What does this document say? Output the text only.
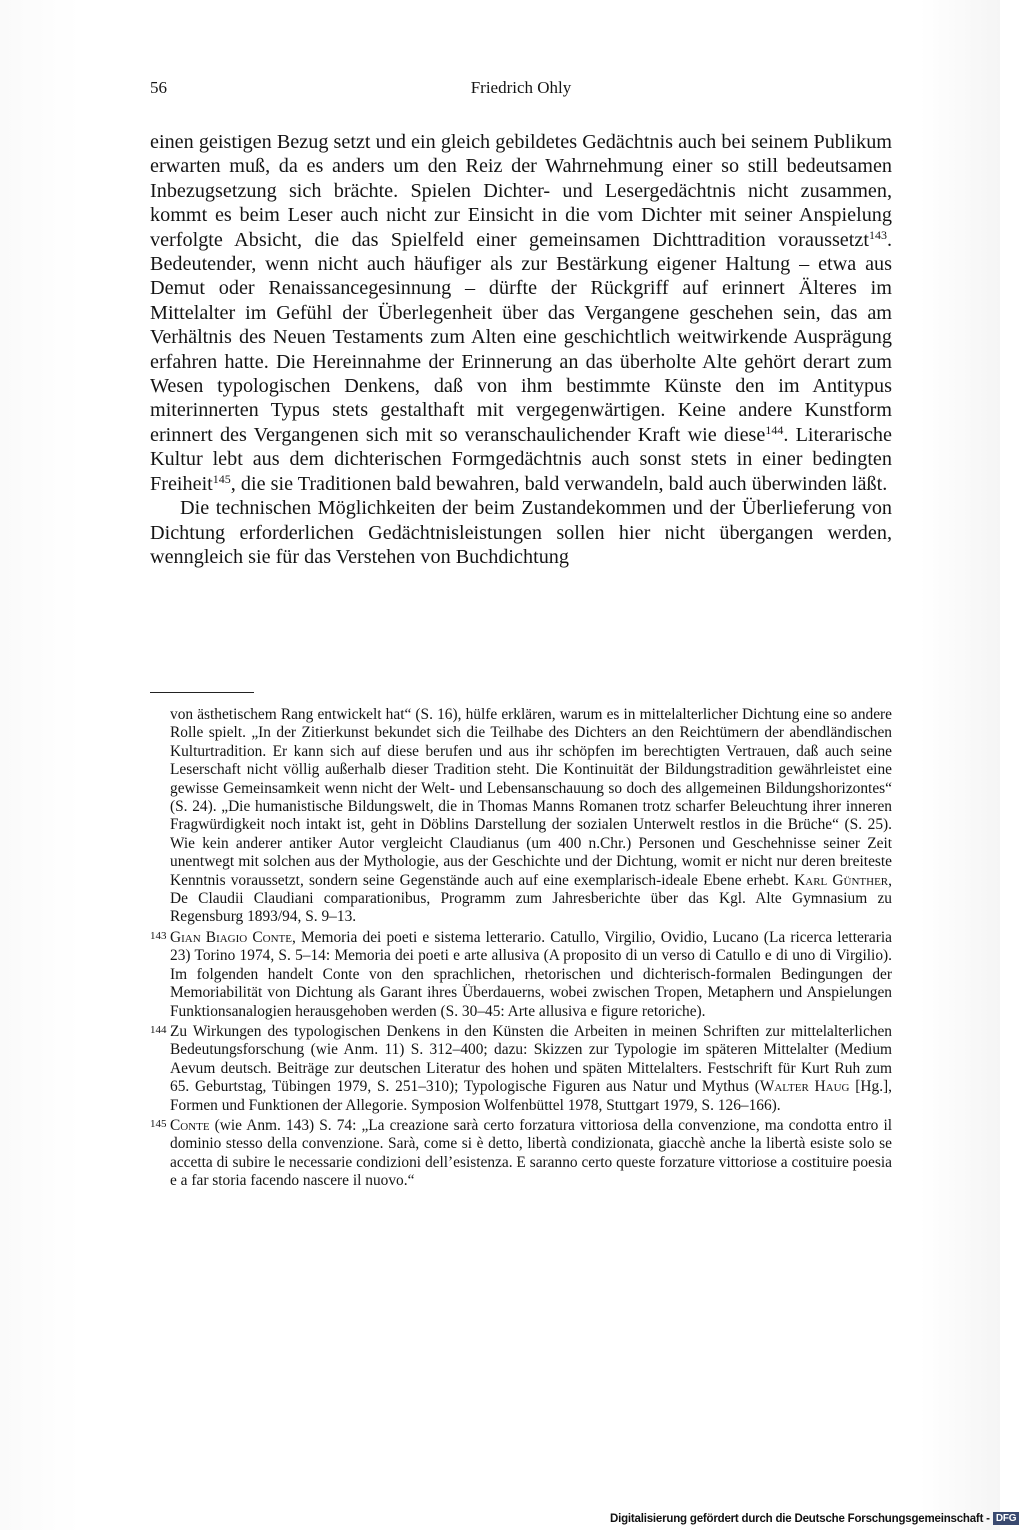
56	Friedrich Ohly

einen geistigen Bezug setzt und ein gleich gebildetes Gedächtnis auch bei seinem Publikum erwarten muß, da es anders um den Reiz der Wahrnehmung einer so still bedeutsamen Inbezugsetzung sich brächte. Spielen Dichter- und Lesergedächtnis nicht zusammen, kommt es beim Leser auch nicht zur Einsicht in die vom Dichter mit seiner Anspielung verfolgte Absicht, die das Spielfeld einer gemeinsamen Dichttradition voraussetzt$^{143}$. Bedeutender, wenn nicht auch häufiger als zur Bestärkung eigener Haltung – etwa aus Demut oder Renaissancegesinnung – dürfte der Rückgriff auf erinnert Älteres im Mittelalter im Gefühl der Überlegenheit über das Vergangene geschehen sein, das am Verhältnis des Neuen Testaments zum Alten eine geschichtlich weitwirkende Ausprägung erfahren hatte. Die Hereinnahme der Erinnerung an das überholte Alte gehört derart zum Wesen typologischen Denkens, daß von ihm bestimmte Künste den im Antitypus miterinnerten Typus stets gestalthaft mit vergegenwärtigen. Keine andere Kunstform erinnert des Vergangenen sich mit so veranschaulichender Kraft wie diese$^{144}$. Literarische Kultur lebt aus dem dichterischen Formgedächtnis auch sonst stets in einer bedingten Freiheit$^{145}$, die sie Traditionen bald bewahren, bald verwandeln, bald auch überwinden läßt.

Die technischen Möglichkeiten der beim Zustandekommen und der Überlieferung von Dichtung erforderlichen Gedächtnisleistungen sollen hier nicht übergangen werden, wenngleich sie für das Verstehen von Buchdichtung

von ästhetischem Rang entwickelt hat“ (S. 16), hülfe erklären, warum es in mittelalterlicher Dichtung eine so andere Rolle spielt. „In der Zitierkunst bekundet sich die Teilhabe des Dichters an den Reichtümern der abendländischen Kulturtradition. Er kann sich auf diese berufen und aus ihr schöpfen im berechtigten Vertrauen, daß auch seine Leserschaft nicht völlig außerhalb dieser Tradition steht. Die Kontinuität der Bildungstradition gewährleistet eine gewisse Gemeinsamkeit wenn nicht der Welt- und Lebensanschauung so doch des allgemeinen Bildungshorizontes“ (S. 24). „Die humanistische Bildungswelt, die in Thomas Manns Romanen trotz scharfer Beleuchtung ihrer inneren Fragwürdigkeit noch intakt ist, geht in Döblins Darstellung der sozialen Unterwelt restlos in die Brüche“ (S. 25). Wie kein anderer antiker Autor vergleicht Claudianus (um 400 n.Chr.) Personen und Geschehnisse seiner Zeit unentwegt mit solchen aus der Mythologie, aus der Geschichte und der Dichtung, womit er nicht nur deren breiteste Kenntnis voraussetzt, sondern seine Gegenstände auch auf eine exemplarisch-ideale Ebene erhebt. Karl Günther, De Claudii Claudiani comparationibus, Programm zum Jahresberichte über das Kgl. Alte Gymnasium zu Regensburg 1893/94, S. 9–13.
143 Gian Biagio Conte, Memoria dei poeti e sistema letterario. Catullo, Virgilio, Ovidio, Lucano (La ricerca letteraria 23) Torino 1974, S. 5–14: Memoria dei poeti e arte allusiva (A proposito di un verso di Catullo e di uno di Virgilio). Im folgenden handelt Conte von den sprachlichen, rhetorischen und dichterisch-formalen Bedingungen der Memoriabilität von Dichtung als Garant ihres Überdauerns, wobei zwischen Tropen, Metaphern und Anspielungen Funktionsanalogien herausgehoben werden (S. 30–45: Arte allusiva e figure retoriche).
144 Zu Wirkungen des typologischen Denkens in den Künsten die Arbeiten in meinen Schriften zur mittelalterlichen Bedeutungsforschung (wie Anm. 11) S. 312–400; dazu: Skizzen zur Typologie im späteren Mittelalter (Medium Aevum deutsch. Beiträge zur deutschen Literatur des hohen und späten Mittelalters. Festschrift für Kurt Ruh zum 65. Geburtstag, Tübingen 1979, S. 251–310); Typologische Figuren aus Natur und Mythus (Walter Haug [Hg.], Formen und Funktionen der Allegorie. Symposion Wolfenbüttel 1978, Stuttgart 1979, S. 126–166).
145 Conte (wie Anm. 143) S. 74: „La creazione sarà certo forzatura vittoriosa della convenzione, ma condotta entro il dominio stesso della convenzione. Sarà, come si è detto, libertà condizionata, giacchè anche la libertà esiste solo se accetta di subire le necessarie condizioni dell’esistenza. E saranno certo queste forzature vittoriose a costituire poesia e a far storia facendo nascere il nuovo.“
Digitalisierung gefördert durch die Deutsche Forschungsgemeinschaft - DFG
